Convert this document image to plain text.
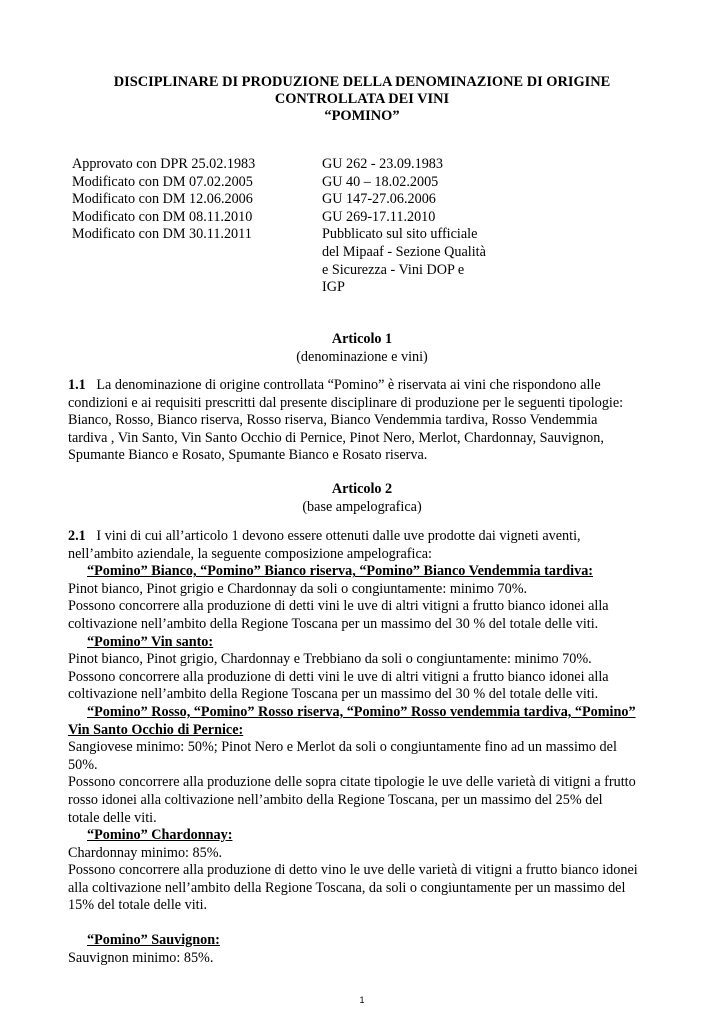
DISCIPLINARE DI PRODUZIONE DELLA DENOMINAZIONE DI ORIGINE
CONTROLLATA DEI VINI
“POMINO”
Approvato con DPR 25.02.1983	GU 262 - 23.09.1983
Modificato con DM 07.02.2005	GU 40 – 18.02.2005
Modificato con DM 12.06.2006	GU 147-27.06.2006
Modificato con DM 08.11.2010	GU 269-17.11.2010
Modificato con DM 30.11.2011	Pubblicato sul sito ufficiale
del Mipaaf - Sezione Qualità
e Sicurezza - Vini DOP e
IGP
Articolo 1
(denominazione e vini)
1.1 La denominazione di origine controllata “Pomino” è riservata ai vini che rispondono alle
condizioni e ai requisiti prescritti dal presente disciplinare di produzione per le seguenti tipologie:
Bianco, Rosso, Bianco riserva, Rosso riserva, Bianco Vendemmia tardiva, Rosso Vendemmia
tardiva , Vin Santo, Vin Santo Occhio di Pernice, Pinot Nero, Merlot, Chardonnay, Sauvignon,
Spumante Bianco e Rosato, Spumante Bianco e Rosato riserva.
Articolo 2
(base ampelografica)
2.1 I vini di cui all’articolo 1 devono essere ottenuti dalle uve prodotte dai vigneti aventi,
nell’ambito aziendale, la seguente composizione ampelografica:
“Pomino” Bianco, “Pomino” Bianco riserva, “Pomino” Bianco Vendemmia tardiva:
Pinot bianco, Pinot grigio e Chardonnay da soli o congiuntamente: minimo 70%.
Possono concorrere alla produzione di detti vini le uve di altri vitigni a frutto bianco idonei alla
coltivazione nell’ambito della Regione Toscana per un massimo del 30 % del totale delle viti.
“Pomino” Vin santo:
Pinot bianco, Pinot grigio, Chardonnay e Trebbiano da soli o congiuntamente: minimo 70%.
Possono concorrere alla produzione di detti vini le uve di altri vitigni a frutto bianco idonei alla
coltivazione nell’ambito della Regione Toscana per un massimo del 30 % del totale delle viti.
“Pomino” Rosso, “Pomino” Rosso riserva, “Pomino” Rosso vendemmia tardiva, “Pomino”
Vin Santo Occhio di Pernice:
Sangiovese minimo: 50%; Pinot Nero e Merlot da soli o congiuntamente fino ad un massimo del
50%.
Possono concorrere alla produzione delle sopra citate tipologie le uve delle varietà di vitigni a frutto
rosso idonei alla coltivazione nell’ambito della Regione Toscana, per un massimo del 25% del
totale delle viti.
“Pomino” Chardonnay:
Chardonnay minimo: 85%.
Possono concorrere alla produzione di detto vino le uve delle varietà di vitigni a frutto bianco idonei
alla coltivazione nell’ambito della Regione Toscana, da soli o congiuntamente per un massimo del
15% del totale delle viti.
“Pomino” Sauvignon:
Sauvignon minimo: 85%.
1
